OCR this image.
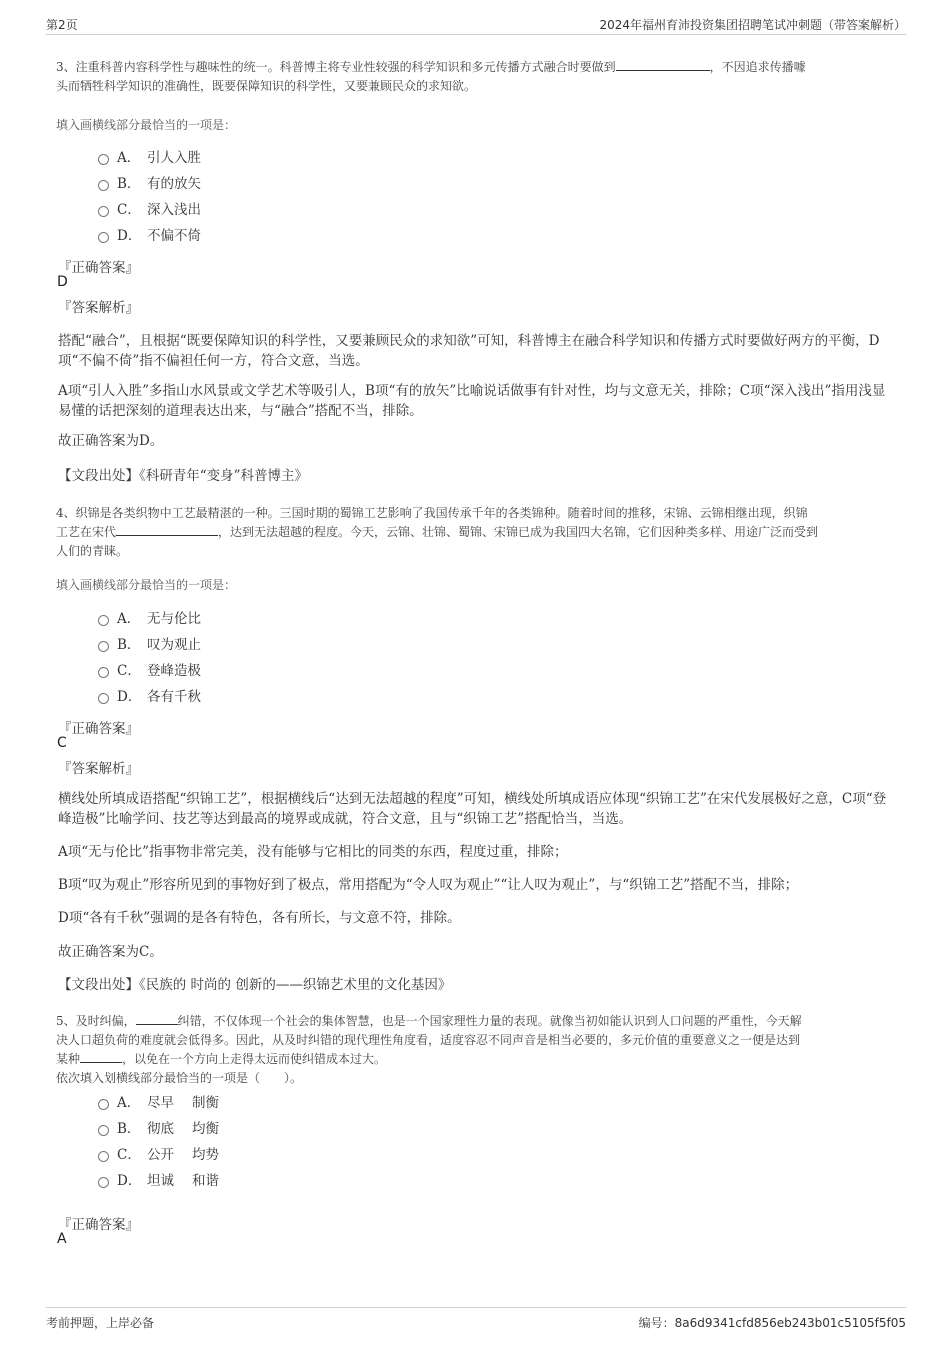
第2页	2024年福州育沛投资集团招聘笔试冲刺题（带答案解析）
3、注重科普内容科学性与趣味性的统一。科普博主将专业性较强的科学知识和多元传播方式融合时要做到	，不因追求传播噱
头而牺牲科学知识的准确性，既要保障知识的科学性，又要兼顾民众的求知欲。
填入画横线部分最恰当的一项是：
A． 引人入胜
B． 有的放矢
C． 深入浅出
D． 不偏不倚
『正确答案』
D
『答案解析』
搭配“融合”，且根据“既要保障知识的科学性，又要兼顾民众的求知欲”可知，科普博主在融合科学知识和传播方式时要做好两方的平衡，D项“不偏不倚”指不偏袒任何一方，符合文意，当选。
A项“引人入胜”多指山水风景或文学艺术等吸引人，B项“有的放矢”比喻说话做事有针对性，均与文意无关，排除；C项“深入浅出”指用浅显易懂的话把深刻的道理表达出来，与“融合”搭配不当，排除。
故正确答案为D。
【文段出处】《科研青年“变身”科普博主》
4、织锦是各类织物中工艺最精湛的一种。三国时期的蜀锦工艺影响了我国传承千年的各类锦种。随着时间的推移，宋锦、云锦相继出现，织锦
工艺在宋代	，达到无法超越的程度。今天，云锦、壮锦、蜀锦、宋锦已成为我国四大名锦，它们因种类多样、用途广泛而受到
人们的青睐。
填入画横线部分最恰当的一项是：
A． 无与伦比
B． 叹为观止
C． 登峰造极
D． 各有千秋
『正确答案』
C
『答案解析』
横线处所填成语搭配“织锦工艺”，根据横线后“达到无法超越的程度”可知，横线处所填成语应体现“织锦工艺”在宋代发展极好之意，C项“登峰造极”比喻学问、技艺等达到最高的境界或成就，符合文意，且与“织锦工艺”搭配恰当，当选。
A项“无与伦比”指事物非常完美，没有能够与它相比的同类的东西，程度过重，排除；
B项“叹为观止”形容所见到的事物好到了极点，常用搭配为“令人叹为观止”“让人叹为观止”，与“织锦工艺”搭配不当，排除；
D项“各有千秋”强调的是各有特色，各有所长，与文意不符，排除。
故正确答案为C。
【文段出处】《民族的 时尚的 创新的——织锦艺术里的文化基因》
5、及时纠偏，	纠错，不仅体现一个社会的集体智慧，也是一个国家理性力量的表现。就像当初如能认识到人口问题的严重性，今天解
决人口超负荷的难度就会低得多。因此，从及时纠错的现代理性角度看，适度容忍不同声音是相当必要的，多元价值的重要意义之一便是达到
某种	，以免在一个方向上走得太远而使纠错成本过大。
依次填入划横线部分最恰当的一项是（　　）。
A． 尽早 制衡
B． 彻底 均衡
C． 公开 均势
D． 坦诚 和谐
『正确答案』
A
考前押题，上岸必备	编号：8a6d9341cfd856eb243b01c5105f5f05
